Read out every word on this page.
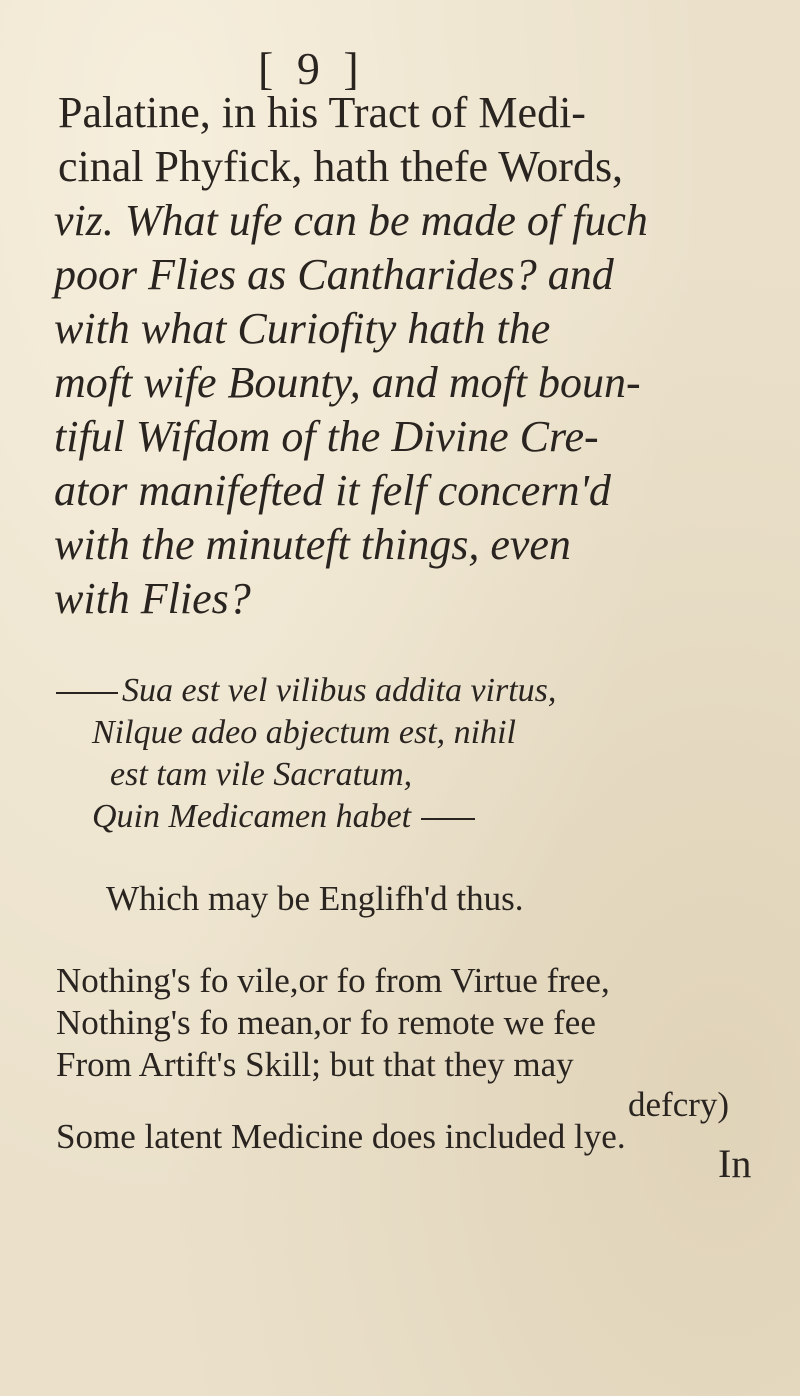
[ 9 ]
Palatine, in his Tract of Medi-
cinal Phyfick, hath thefe Words,
viz. What ufe can be made of fuch
poor Flies as Cantharides? and
with what Curiofity hath the
moft wife Bounty, and moft boun-
tiful Wifdom of the Divine Cre-
ator manifefted it felf concern'd
with the minuteft things, even
with Flies?
Sua est vel vilibus addita virtus,
Nilque adeo abjectum est, nihil
est tam vile Sacratum,
Quin Medicamen habet
Which may be Englifh'd thus.
Nothing's fo vile,or fo from Virtue free,
Nothing's fo mean,or fo remote we fee
From Artift's Skill; but that they may
defcry)
Some latent Medicine does included lye.
In
